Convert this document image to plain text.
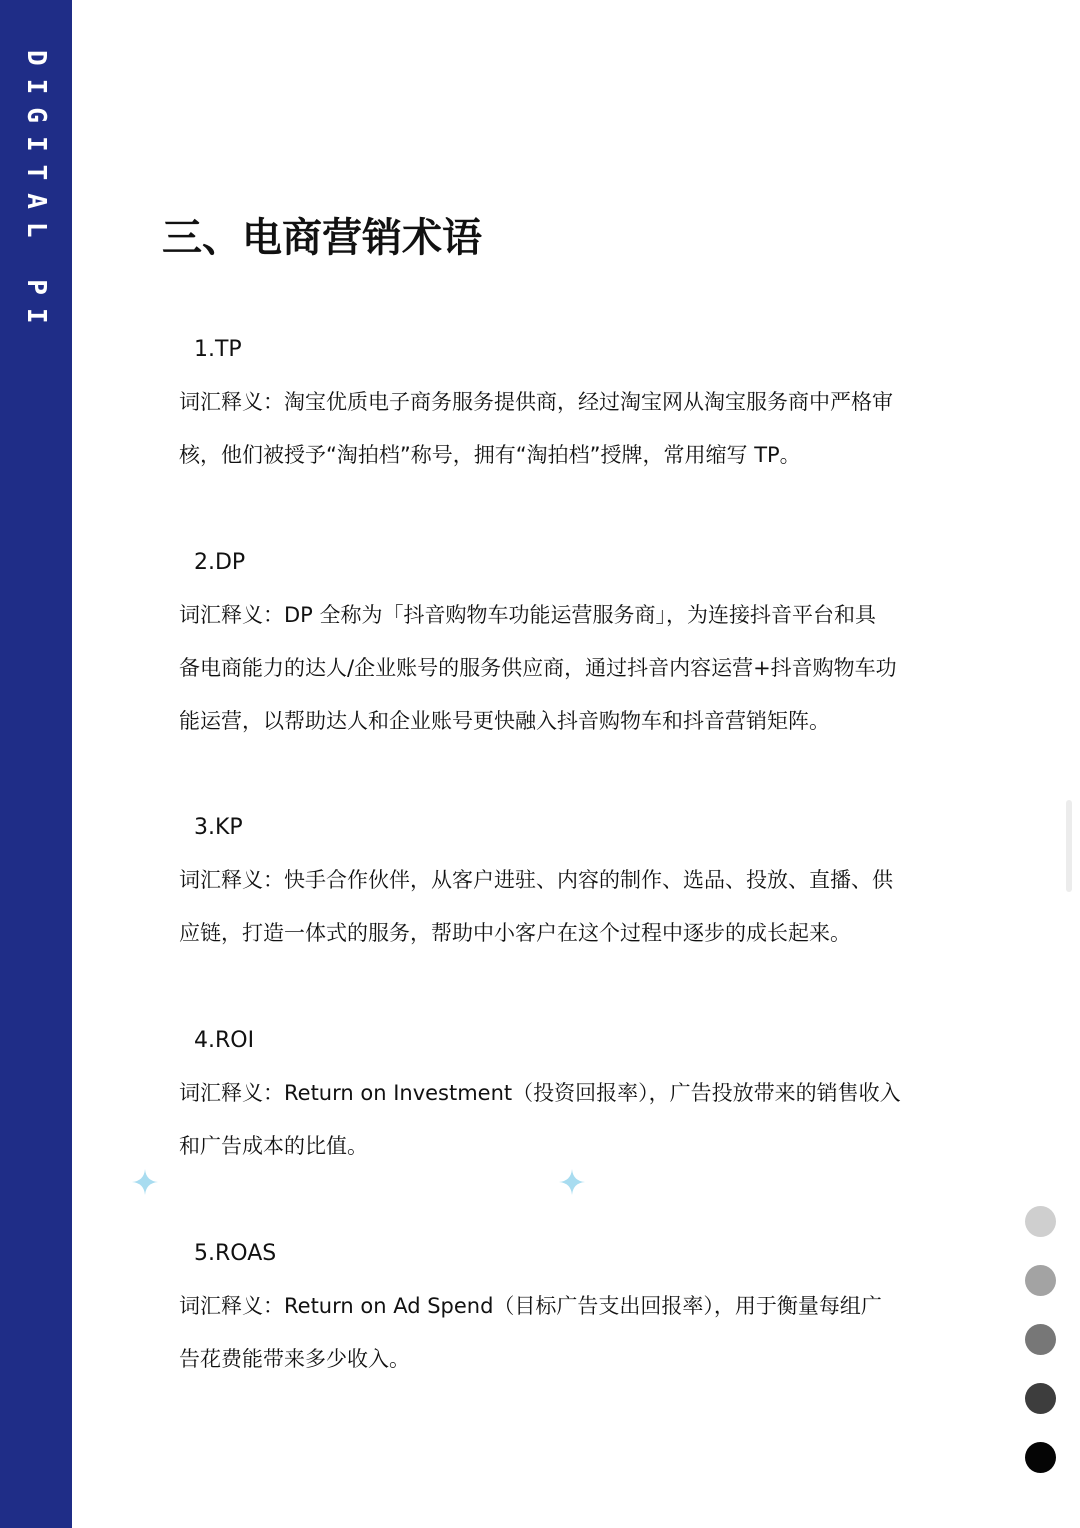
DIGITAL PI	三、电商营销术语

1.TP

词汇释义：淘宝优质电子商务服务提供商，经过淘宝网从淘宝服务商中严格审
核，他们被授予“淘拍档”称号，拥有“淘拍档”授牌，常用缩写 TP。

2.DP

词汇释义：DP 全称为「抖音购物车功能运营服务商」，为连接抖音平台和具
备电商能力的达人/企业账号的服务供应商，通过抖音内容运营+抖音购物车功
能运营，以帮助达人和企业账号更快融入抖音购物车和抖音营销矩阵。

3.KP

词汇释义：快手合作伙伴，从客户进驻、内容的制作、选品、投放、直播、供
应链，打造一体式的服务，帮助中小客户在这个过程中逐步的成长起来。

4.ROI

词汇释义：Return on Investment（投资回报率），广告投放带来的销售收入
和广告成本的比值。

5.ROAS

词汇释义：Return on Ad Spend（目标广告支出回报率），用于衡量每组广
告花费能带来多少收入。
